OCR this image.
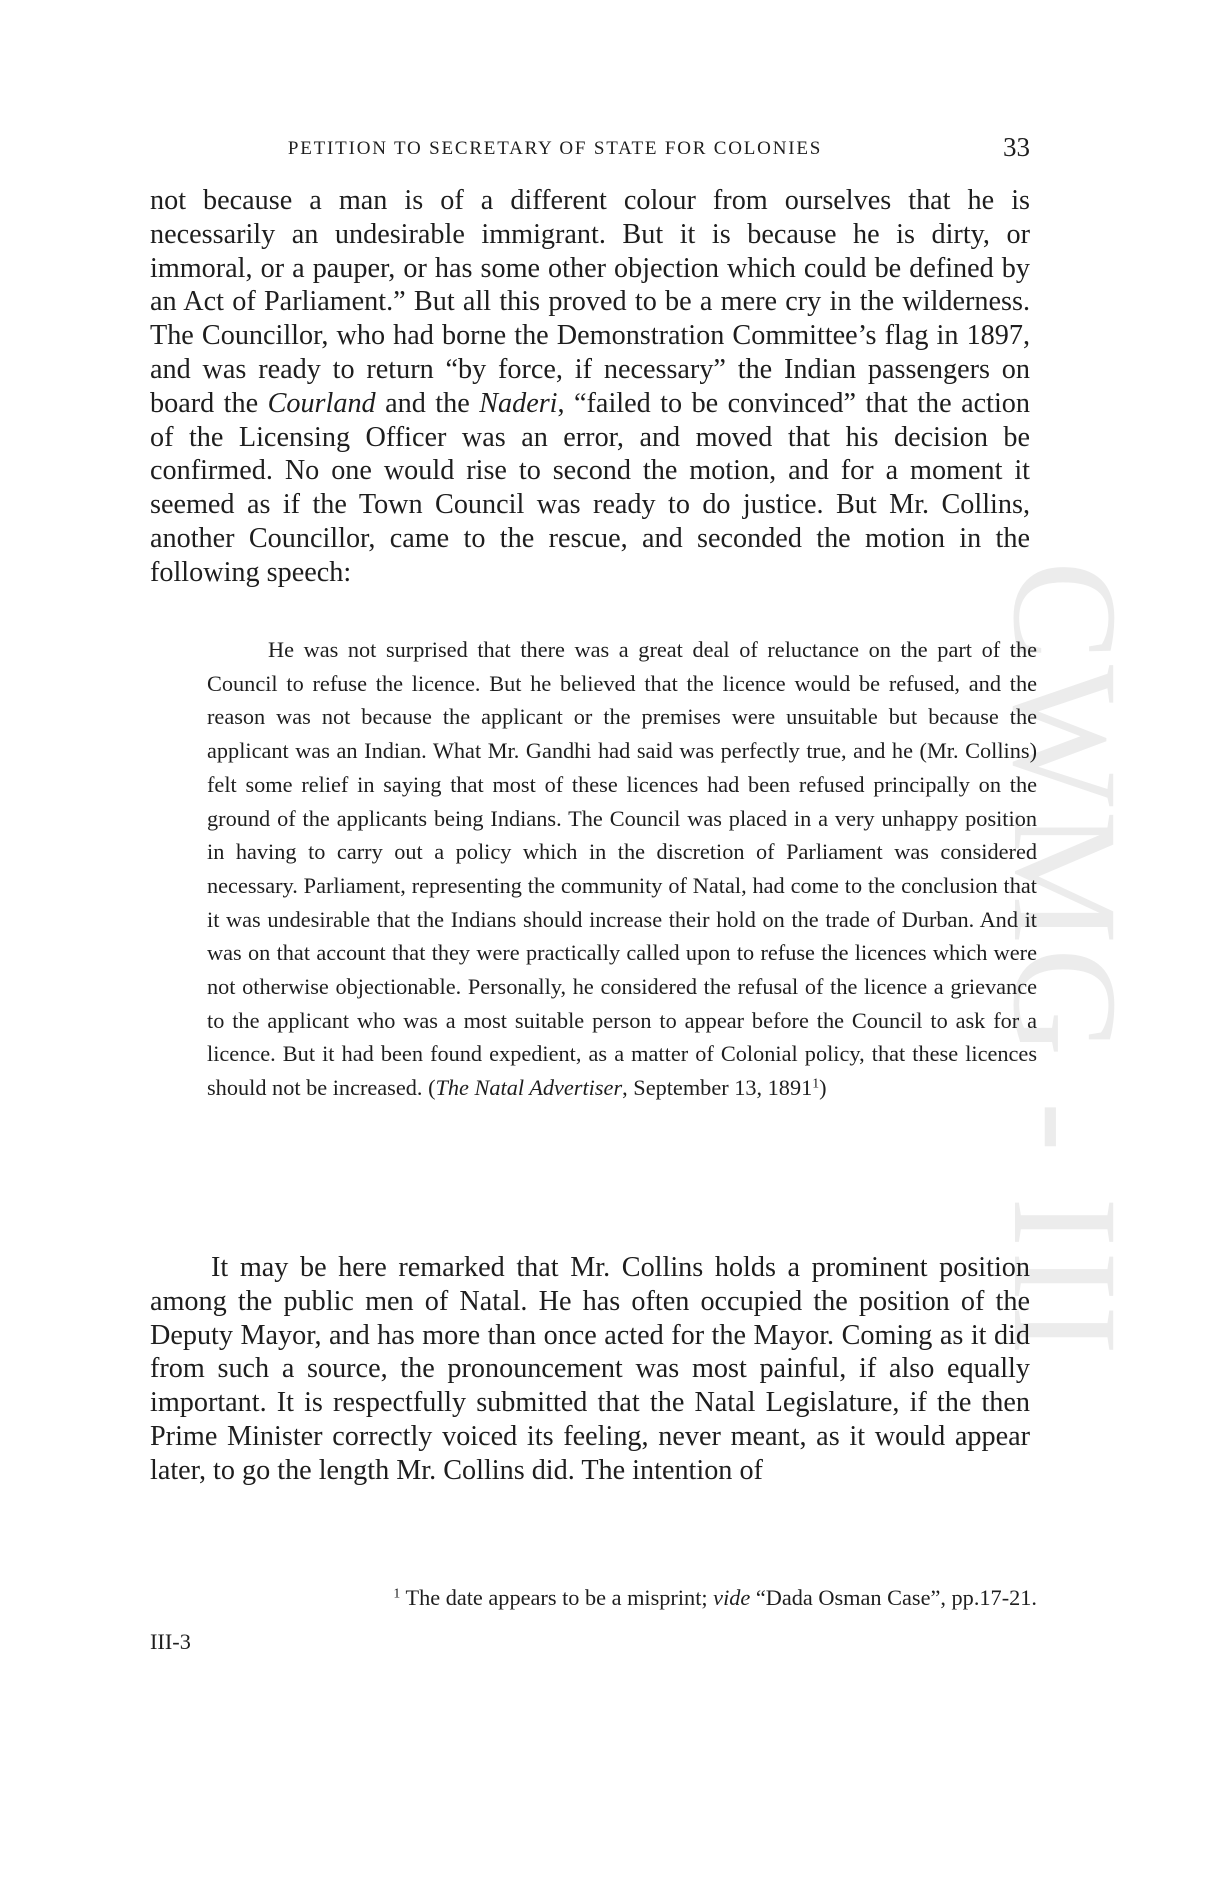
CWMG - III
PETITION TO SECRETARY OF STATE FOR COLONIES	33

not because a man is of a different colour from ourselves that he is necessarily an undesirable immigrant. But it is because he is dirty, or immoral, or a pauper, or has some other objection which could be defined by an Act of Parliament.” But all this proved to be a mere cry in the wilderness. The Councillor, who had borne the Demonstration Committee’s flag in 1897, and was ready to return “by force, if necessary” the Indian passengers on board the Courland and the Naderi, “failed to be convinced” that the action of the Licensing Officer was an error, and moved that his decision be confirmed. No one would rise to second the motion, and for a moment it seemed as if the Town Council was ready to do justice. But Mr. Collins, another Councillor, came to the rescue, and seconded the motion in the following speech:

He was not surprised that there was a great deal of reluctance on the part of the Council to refuse the licence. But he believed that the licence would be refused, and the reason was not because the applicant or the premises were unsuitable but because the applicant was an Indian. What Mr. Gandhi had said was perfectly true, and he (Mr. Collins) felt some relief in saying that most of these licences had been refused principally on the ground of the applicants being Indians. The Council was placed in a very unhappy position in having to carry out a policy which in the discretion of Parliament was considered necessary. Parliament, representing the community of Natal, had come to the conclusion that it was undesirable that the Indians should increase their hold on the trade of Durban. And it was on that account that they were practically called upon to refuse the licences which were not otherwise objectionable. Personally, he considered the refusal of the licence a grievance to the applicant who was a most suitable person to appear before the Council to ask for a licence. But it had been found expedient, as a matter of Colonial policy, that these licences should not be increased. (The Natal Advertiser, September 13, 1891$^1$)

It may be here remarked that Mr. Collins holds a prominent position among the public men of Natal. He has often occupied the position of the Deputy Mayor, and has more than once acted for the Mayor. Coming as it did from such a source, the pronouncement was most painful, if also equally important. It is respectfully submitted that the Natal Legislature, if the then Prime Minister correctly voiced its feeling, never meant, as it would appear later, to go the length Mr. Collins did. The intention of

$^1$ The date appears to be a misprint; vide “Dada Osman Case”, pp.17-21.

III-3
